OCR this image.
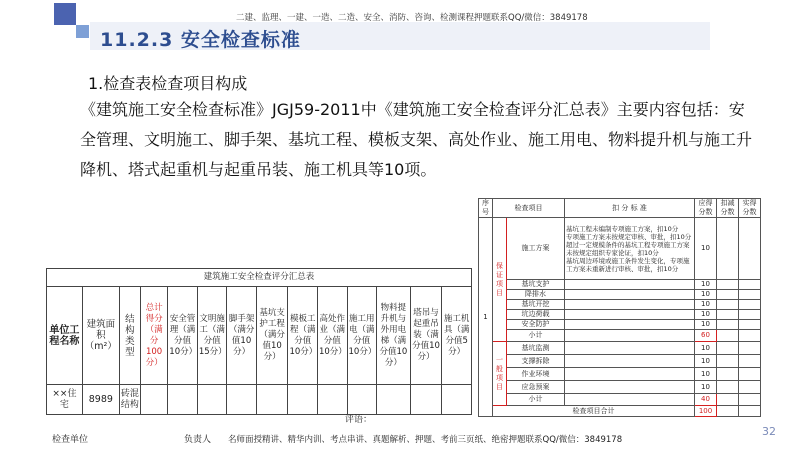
11.2.3 安全检查标准
二建、监理、一建、一造、二造、安全、消防、咨询、检测课程押题联系QQ/微信：3849178
1.检查表检查项目构成
《建筑施工安全检查标准》JGJ59-2011中《建筑施工安全检查评分汇总表》主要内容包括：安全管理、文明施工、脚手架、基坑工程、模板支架、高处作业、施工用电、物料提升机与施工升降机、塔式起重机与起重吊装、施工机具等10项。
建筑施工安全检查评分汇总表													
单位工程名称	建筑面积（m²）	结构类型	总计得分（满分100分）	安全管理（满分值10分）	文明施工（满分值15分）	脚手架（满分值10分）	基坑支护工程（满分值10分）	模板工程（满分值10分）	高处作业（满分值10分）	施工用电（满分值10分）	物料提升机与外用电梯（满分值10分）	塔吊与起重吊装（满分值10分）	施工机具（满分值5分）
××住宅	8989	砖混结构											

评语：
检查单位	负责人
序号	检查项目		扣 分 标 准	应得分数	扣减分数	实得分数
1	保证项目	施工方案	基坑工程未编制专项施工方案，扣10分
专项施工方案未按规定审核、审批，扣10分
超过一定规模条件的基坑工程专项施工方案未按规定组织专家论证，扣10分
基坑周边环境或施工条件发生变化，专项施工方案未重新进行审核、审批，扣10分	10		
		基坑支护		10		
		降排水		10		
		基坑开挖		10		
		坑边荷载		10		
		安全防护		10		
		小计		60		
	一般项目	基坑监测		10		
		支撑拆除		10		
		作业环境		10		
		应急预案		10		
		小计		40		
	检查项目合计			100		
名师面授精讲、精华内训、考点串讲、真题解析、押题、考前三页纸、绝密押题联系QQ/微信：3849178
32
